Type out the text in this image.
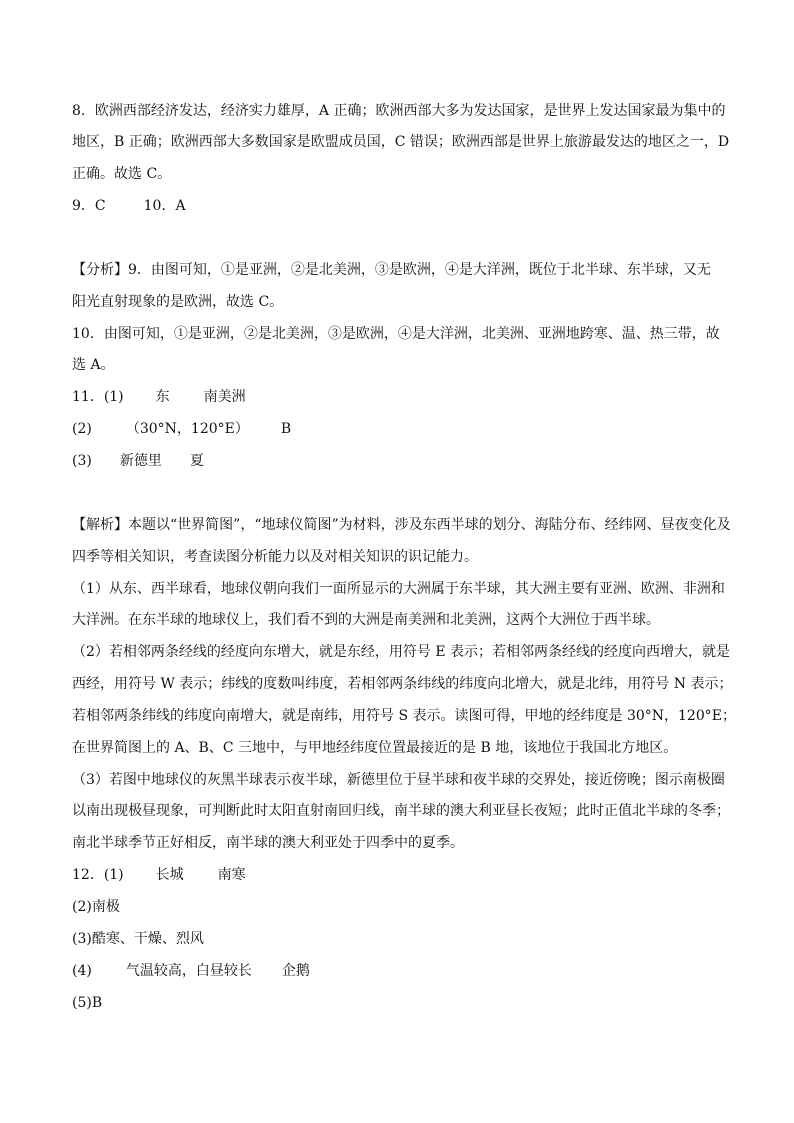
8．欧洲西部经济发达，经济实力雄厚，A 正确；欧洲西部大多为发达国家，是世界上发达国家最为集中的
地区，B 正确；欧洲西部大多数国家是欧盟成员国，C 错误；欧洲西部是世界上旅游最发达的地区之一，D
正确。故选 C。
9．C	10．A
【分析】9．由图可知，①是亚洲，②是北美洲，③是欧洲，④是大洋洲，既位于北半球、东半球，又无
阳光直射现象的是欧洲，故选 C。
10．由图可知，①是亚洲，②是北美洲，③是欧洲，④是大洋洲，北美洲、亚洲地跨寒、温、热三带，故
选 A。
11．(1) 东 南美洲
(2) （30°N，120°E） B
(3) 新德里 夏
【解析】本题以“世界简图”，“地球仪简图”为材料，涉及东西半球的划分、海陆分布、经纬网、昼夜变化及
四季等相关知识，考查读图分析能力以及对相关知识的识记能力。
（1）从东、西半球看，地球仪朝向我们一面所显示的大洲属于东半球，其大洲主要有亚洲、欧洲、非洲和
大洋洲。在东半球的地球仪上，我们看不到的大洲是南美洲和北美洲，这两个大洲位于西半球。
（2）若相邻两条经线的经度向东增大，就是东经，用符号 E 表示；若相邻两条经线的经度向西增大，就是
西经，用符号 W 表示；纬线的度数叫纬度，若相邻两条纬线的纬度向北增大，就是北纬，用符号 N 表示；
若相邻两条纬线的纬度向南增大，就是南纬，用符号 S 表示。读图可得，甲地的经纬度是 30°N，120°E；
在世界简图上的 A、B、C 三地中，与甲地经纬度位置最接近的是 B 地，该地位于我国北方地区。
（3）若图中地球仪的灰黑半球表示夜半球，新德里位于昼半球和夜半球的交界处，接近傍晚；图示南极圈
以南出现极昼现象，可判断此时太阳直射南回归线，南半球的澳大利亚昼长夜短；此时正值北半球的冬季；
南北半球季节正好相反，南半球的澳大利亚处于四季中的夏季。
12．(1) 长城 南寒
(2)南极
(3)酷寒、干燥、烈风
(4) 气温较高，白昼较长 企鹅
(5)B
